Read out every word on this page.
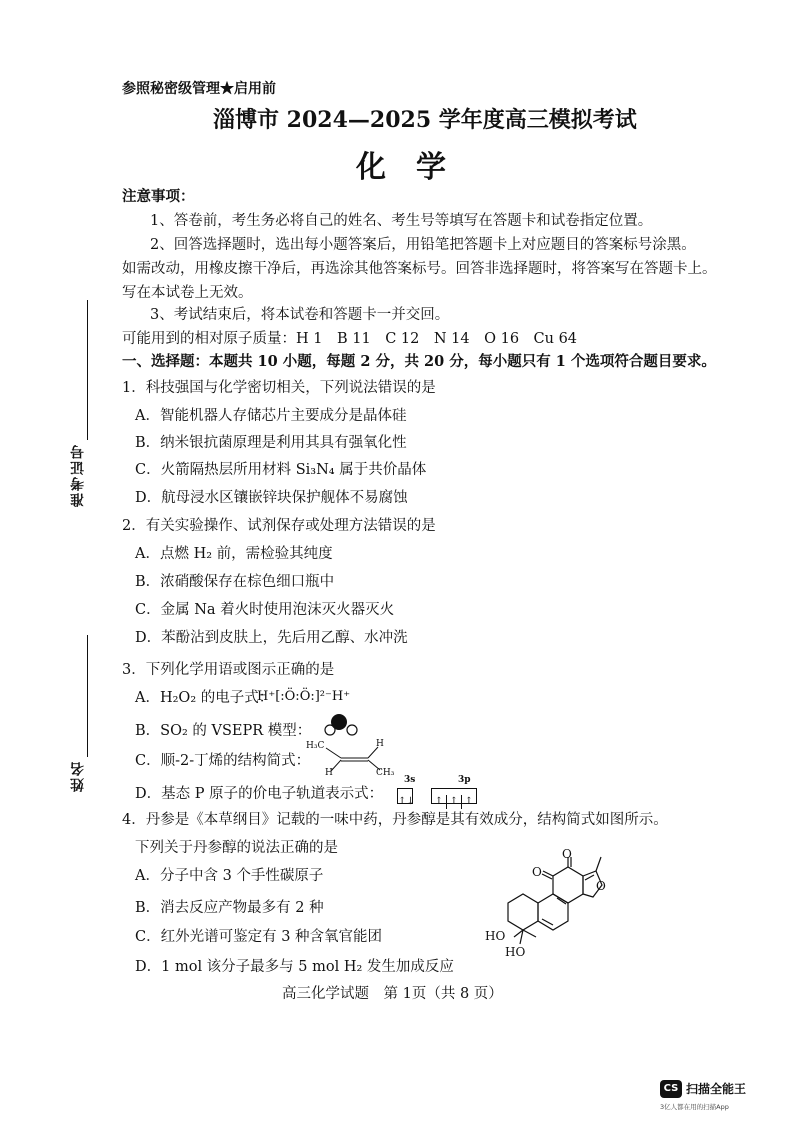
参照秘密级管理★启用前
淄博市 2024—2025 学年度高三模拟考试
化　学
注意事项：
1、答卷前，考生务必将自己的姓名、考生号等填写在答题卡和试卷指定位置。
2、回答选择题时，选出每小题答案后，用铅笔把答题卡上对应题目的答案标号涂黑。
如需改动，用橡皮擦干净后，再选涂其他答案标号。回答非选择题时，将答案写在答题卡上。
写在本试卷上无效。
3、考试结束后，将本试卷和答题卡一并交回。
可能用到的相对原子质量：H 1　B 11　C 12　N 14　O 16　Cu 64
一、选择题：本题共 10 小题，每题 2 分，共 20 分，每小题只有 1 个选项符合题目要求。
1．科技强国与化学密切相关，下列说法错误的是
A．智能机器人存储芯片主要成分是晶体硅
B．纳米银抗菌原理是利用其具有强氧化性
C．火箭隔热层所用材料 Si₃N₄ 属于共价晶体
D．航母浸水区镶嵌锌块保护舰体不易腐蚀
2．有关实验操作、试剂保存或处理方法错误的是
A．点燃 H₂ 前，需检验其纯度
B．浓硝酸保存在棕色细口瓶中
C．金属 Na 着火时使用泡沫灭火器灭火
D．苯酚沾到皮肤上，先后用乙醇、水冲洗
3．下列化学用语或图示正确的是
A．H₂O₂ 的电子式：
H⁺[:Ö:Ö:]²⁻H⁺
B．SO₂ 的 VSEPR 模型：
C．顺-2-丁烯的结构简式：
H₃C	H
H	CH₃
D．基态 P 原子的价电子轨道表示式：
3s	3p
↑↓	↑ ↑ ↑
4．丹参是《本草纲目》记载的一味中药，丹参醇是其有效成分，结构简式如图所示。
下列关于丹参醇的说法正确的是
A．分子中含 3 个手性碳原子
B．消去反应产物最多有 2 种
C．红外光谱可鉴定有 3 种含氧官能团
D．1 mol 该分子最多与 5 mol H₂ 发生加成反应
O
O
O
HO
HO
准考证号
姓名
高三化学试题　第 1页（共 8 页）
CS 扫描全能王
3亿人都在用的扫描App
